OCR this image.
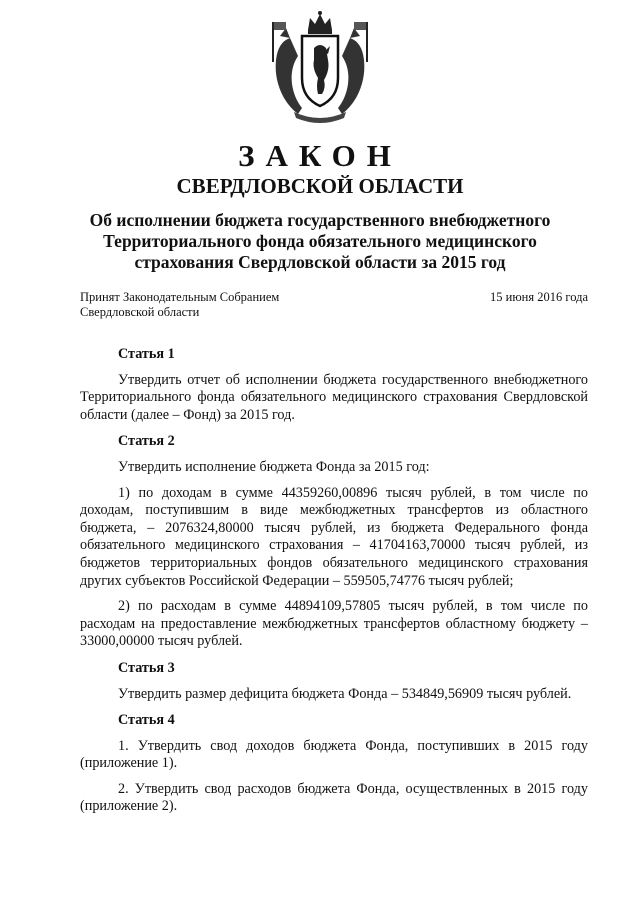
ЗАКОН
СВЕРДЛОВСКОЙ ОБЛАСТИ
Об исполнении бюджета государственного внебюджетного Территориального фонда обязательного медицинского страхования Свердловской области за 2015 год
Принят Законодательным Собранием
Свердловской области
15 июня 2016 года
Статья 1

Утвердить отчет об исполнении бюджета государственного внебюджетного Территориального фонда обязательного медицинского страхования Свердловской области (далее – Фонд) за 2015 год.

Статья 2

Утвердить исполнение бюджета Фонда за 2015 год:

1) по доходам в сумме 44359260,00896 тысяч рублей, в том числе по доходам, поступившим в виде межбюджетных трансфертов из областного бюджета, – 2076324,80000 тысяч рублей, из бюджета Федерального фонда обязательного медицинского страхования – 41704163,70000 тысяч рублей, из бюджетов территориальных фондов обязательного медицинского страхования других субъектов Российской Федерации – 559505,74776 тысяч рублей;

2) по расходам в сумме 44894109,57805 тысяч рублей, в том числе по расходам на предоставление межбюджетных трансфертов областному бюджету – 33000,00000 тысяч рублей.

Статья 3

Утвердить размер дефицита бюджета Фонда – 534849,56909 тысяч рублей.

Статья 4

1. Утвердить свод доходов бюджета Фонда, поступивших в 2015 году (приложение 1).

2. Утвердить свод расходов бюджета Фонда, осуществленных в 2015 году (приложение 2).
